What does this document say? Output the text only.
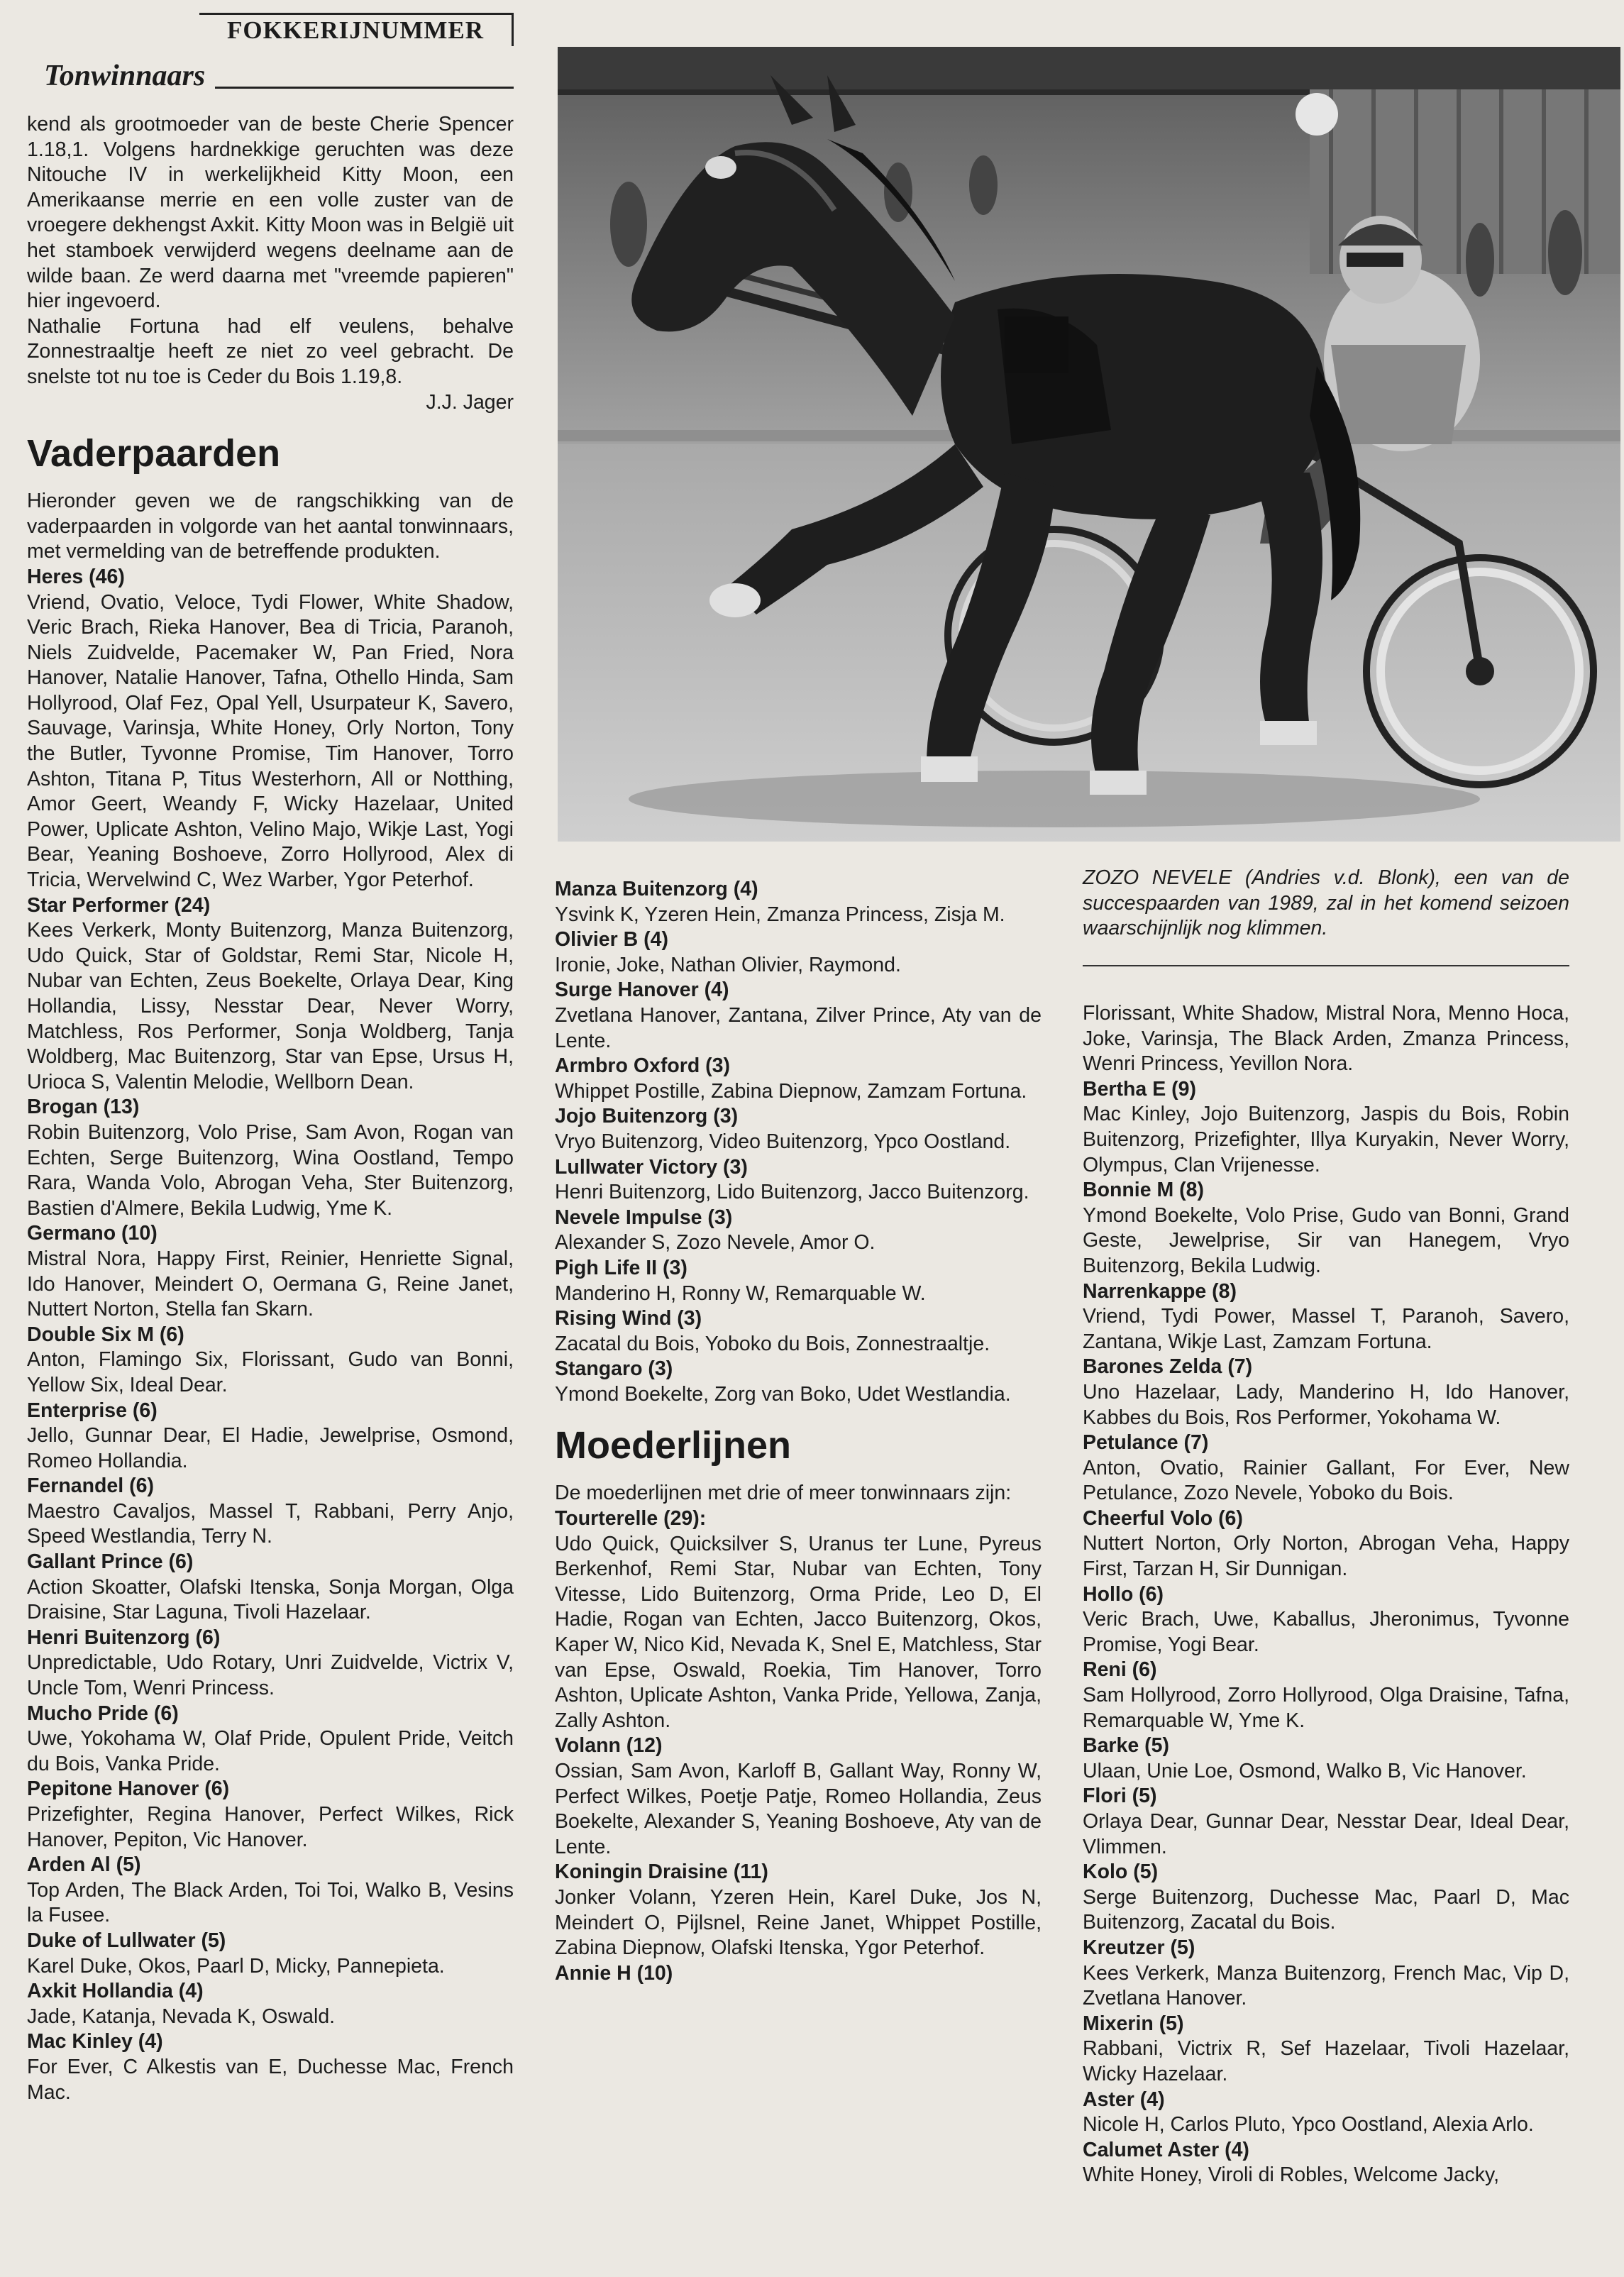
FOKKERIJNUMMER
Tonwinnaars

kend als grootmoeder van de beste Cherie Spencer 1.18,1. Volgens hardnekkige geruchten was deze Nitouche IV in werkelijkheid Kitty Moon, een Amerikaanse merrie en een volle zuster van de vroegere dekhengst Axkit. Kitty Moon was in België uit het stamboek verwijderd wegens deelname aan de wilde baan. Ze werd daarna met "vreemde papieren" hier ingevoerd.

Nathalie Fortuna had elf veulens, behalve Zonnestraaltje heeft ze niet zo veel gebracht. De snelste tot nu toe is Ceder du Bois 1.19,8.

J.J. Jager

Vaderpaarden

Hieronder geven we de rangschikking van de vaderpaarden in volgorde van het aantal tonwinnaars, met vermelding van de betreffende produkten.

Heres (46)

Vriend, Ovatio, Veloce, Tydi Flower, White Shadow, Veric Brach, Rieka Hanover, Bea di Tricia, Paranoh, Niels Zuidvelde, Pacemaker W, Pan Fried, Nora Hanover, Natalie Hanover, Tafna, Othello Hinda, Sam Hollyrood, Olaf Fez, Opal Yell, Usurpateur K, Savero, Sauvage, Varinsja, White Honey, Orly Norton, Tony the Butler, Tyvonne Promise, Tim Hanover, Torro Ashton, Titana P, Titus Westerhorn, All or Notthing, Amor Geert, Weandy F, Wicky Hazelaar, United Power, Uplicate Ashton, Velino Majo, Wikje Last, Yogi Bear, Yeaning Boshoeve, Zorro Hollyrood, Alex di Tricia, Wervelwind C, Wez Warber, Ygor Peterhof.

Star Performer (24)

Kees Verkerk, Monty Buitenzorg, Manza Buitenzorg, Udo Quick, Star of Goldstar, Remi Star, Nicole H, Nubar van Echten, Zeus Boekelte, Orlaya Dear, King Hollandia, Lissy, Nesstar Dear, Never Worry, Matchless, Ros Performer, Sonja Woldberg, Tanja Woldberg, Mac Buitenzorg, Star van Epse, Ursus H, Urioca S, Valentin Melodie, Wellborn Dean.

Brogan (13)

Robin Buitenzorg, Volo Prise, Sam Avon, Rogan van Echten, Serge Buitenzorg, Wina Oostland, Tempo Rara, Wanda Volo, Abrogan Veha, Ster Buitenzorg, Bastien d'Almere, Bekila Ludwig, Yme K.

Germano (10)

Mistral Nora, Happy First, Reinier, Henriette Signal, Ido Hanover, Meindert O, Oermana G, Reine Janet, Nuttert Norton, Stella fan Skarn.

Double Six M (6)

Anton, Flamingo Six, Florissant, Gudo van Bonni, Yellow Six, Ideal Dear.

Enterprise (6)

Jello, Gunnar Dear, El Hadie, Jewelprise, Osmond, Romeo Hollandia.

Fernandel (6)

Maestro Cavaljos, Massel T, Rabbani, Perry Anjo, Speed Westlandia, Terry N.

Gallant Prince (6)

Action Skoatter, Olafski Itenska, Sonja Morgan, Olga Draisine, Star Laguna, Tivoli Hazelaar.

Henri Buitenzorg (6)

Unpredictable, Udo Rotary, Unri Zuidvelde, Victrix V, Uncle Tom, Wenri Princess.

Mucho Pride (6)

Uwe, Yokohama W, Olaf Pride, Opulent Pride, Veitch du Bois, Vanka Pride.

Pepitone Hanover (6)

Prizefighter, Regina Hanover, Perfect Wilkes, Rick Hanover, Pepiton, Vic Hanover.

Arden Al (5)

Top Arden, The Black Arden, Toi Toi, Walko B, Vesins la Fusee.

Duke of Lullwater (5)

Karel Duke, Okos, Paarl D, Micky, Pannepieta.

Axkit Hollandia (4)

Jade, Katanja, Nevada K, Oswald.

Mac Kinley (4)

For Ever, C Alkestis van E, Duchesse Mac, French Mac.

ZOZO NEVELE (Andries v.d. Blonk), een van de succespaarden van 1989, zal in het komend seizoen waarschijnlijk nog klimmen.

Manza Buitenzorg (4)

Ysvink K, Yzeren Hein, Zmanza Princess, Zisja M.

Olivier B (4)

Ironie, Joke, Nathan Olivier, Raymond.

Surge Hanover (4)

Zvetlana Hanover, Zantana, Zilver Prince, Aty van de Lente.

Armbro Oxford (3)

Whippet Postille, Zabina Diepnow, Zamzam Fortuna.

Jojo Buitenzorg (3)

Vryo Buitenzorg, Video Buitenzorg, Ypco Oostland.

Lullwater Victory (3)

Henri Buitenzorg, Lido Buitenzorg, Jacco Buitenzorg.

Nevele Impulse (3)

Alexander S, Zozo Nevele, Amor O.

Pigh Life II (3)

Manderino H, Ronny W, Remarquable W.

Rising Wind (3)

Zacatal du Bois, Yoboko du Bois, Zonnestraaltje.

Stangaro (3)

Ymond Boekelte, Zorg van Boko, Udet Westlandia.

Moederlijnen

De moederlijnen met drie of meer tonwinnaars zijn:

Tourterelle (29):

Udo Quick, Quicksilver S, Uranus ter Lune, Pyreus Berkenhof, Remi Star, Nubar van Echten, Tony Vitesse, Lido Buitenzorg, Orma Pride, Leo D, El Hadie, Rogan van Echten, Jacco Buitenzorg, Okos, Kaper W, Nico Kid, Nevada K, Snel E, Matchless, Star van Epse, Oswald, Roekia, Tim Hanover, Torro Ashton, Uplicate Ashton, Vanka Pride, Yellowa, Zanja, Zally Ashton.

Volann (12)

Ossian, Sam Avon, Karloff B, Gallant Way, Ronny W, Perfect Wilkes, Poetje Patje, Romeo Hollandia, Zeus Boekelte, Alexander S, Yeaning Boshoeve, Aty van de Lente.

Koningin Draisine (11)

Jonker Volann, Yzeren Hein, Karel Duke, Jos N, Meindert O, Pijlsnel, Reine Janet, Whippet Postille, Zabina Diepnow, Olafski Itenska, Ygor Peterhof.

Annie H (10)

Florissant, White Shadow, Mistral Nora, Menno Hoca, Joke, Varinsja, The Black Arden, Zmanza Princess, Wenri Princess, Yevillon Nora.

Bertha E (9)

Mac Kinley, Jojo Buitenzorg, Jaspis du Bois, Robin Buitenzorg, Prizefighter, Illya Kuryakin, Never Worry, Olympus, Clan Vrijenesse.

Bonnie M (8)

Ymond Boekelte, Volo Prise, Gudo van Bonni, Grand Geste, Jewelprise, Sir van Hanegem, Vryo Buitenzorg, Bekila Ludwig.

Narrenkappe (8)

Vriend, Tydi Power, Massel T, Paranoh, Savero, Zantana, Wikje Last, Zamzam Fortuna.

Barones Zelda (7)

Uno Hazelaar, Lady, Manderino H, Ido Hanover, Kabbes du Bois, Ros Performer, Yokohama W.

Petulance (7)

Anton, Ovatio, Rainier Gallant, For Ever, New Petulance, Zozo Nevele, Yoboko du Bois.

Cheerful Volo (6)

Nuttert Norton, Orly Norton, Abrogan Veha, Happy First, Tarzan H, Sir Dunnigan.

Hollo (6)

Veric Brach, Uwe, Kaballus, Jheronimus, Tyvonne Promise, Yogi Bear.

Reni (6)

Sam Hollyrood, Zorro Hollyrood, Olga Draisine, Tafna, Remarquable W, Yme K.

Barke (5)

Ulaan, Unie Loe, Osmond, Walko B, Vic Hanover.

Flori (5)

Orlaya Dear, Gunnar Dear, Nesstar Dear, Ideal Dear, Vlimmen.

Kolo (5)

Serge Buitenzorg, Duchesse Mac, Paarl D, Mac Buitenzorg, Zacatal du Bois.

Kreutzer (5)

Kees Verkerk, Manza Buitenzorg, French Mac, Vip D, Zvetlana Hanover.

Mixerin (5)

Rabbani, Victrix R, Sef Hazelaar, Tivoli Hazelaar, Wicky Hazelaar.

Aster (4)

Nicole H, Carlos Pluto, Ypco Oostland, Alexia Arlo.

Calumet Aster (4)

White Honey, Viroli di Robles, Welcome Jacky,
